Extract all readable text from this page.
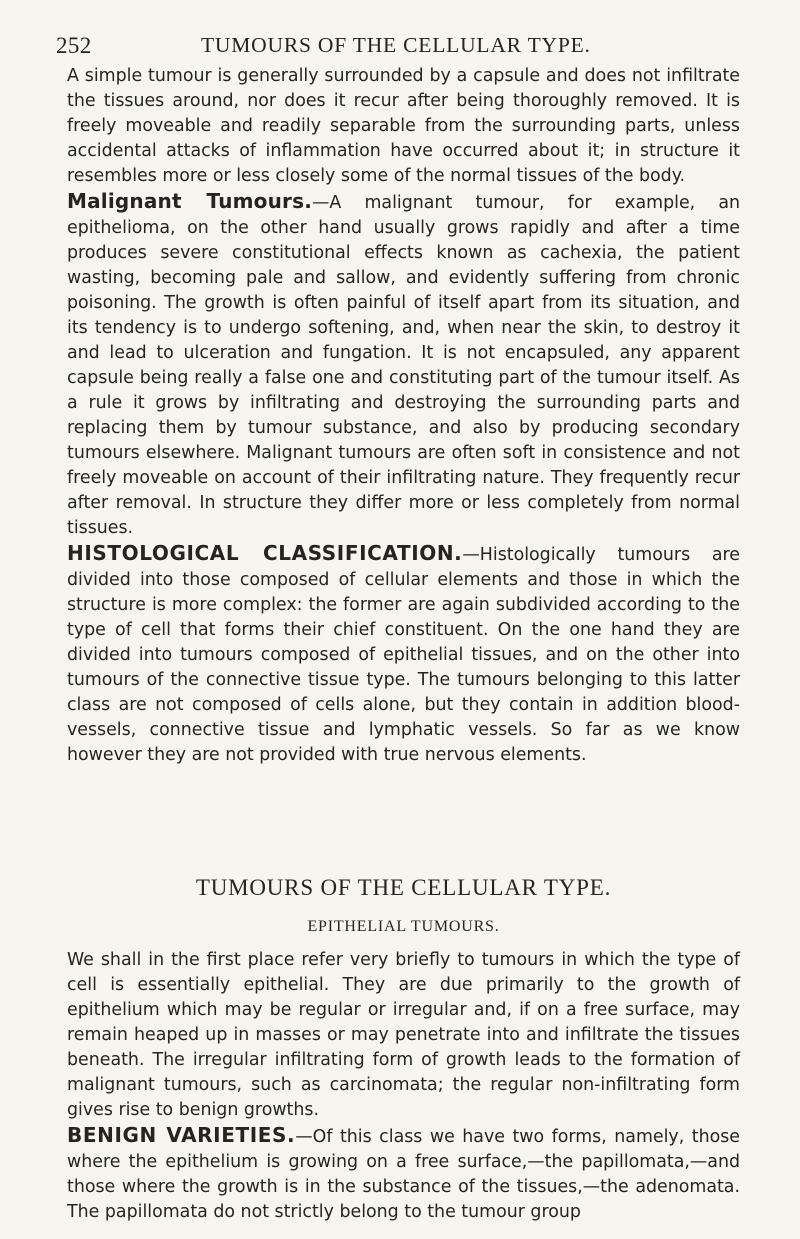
252	TUMOURS OF THE CELLULAR TYPE.

A simple tumour is generally surrounded by a capsule and does not infiltrate the tissues around, nor does it recur after being thoroughly removed. It is freely moveable and readily separable from the surrounding parts, unless accidental attacks of inflammation have occurred about it; in structure it resembles more or less closely some of the normal tissues of the body.

Malignant Tumours.—A malignant tumour, for example, an epithelioma, on the other hand usually grows rapidly and after a time produces severe constitutional effects known as cachexia, the patient wasting, becoming pale and sallow, and evidently suffering from chronic poisoning. The growth is often painful of itself apart from its situation, and its tendency is to undergo softening, and, when near the skin, to destroy it and lead to ulceration and fungation. It is not encapsuled, any apparent capsule being really a false one and constituting part of the tumour itself. As a rule it grows by infiltrating and destroying the surrounding parts and replacing them by tumour substance, and also by producing secondary tumours elsewhere. Malignant tumours are often soft in consistence and not freely moveable on account of their infiltrating nature. They frequently recur after removal. In structure they differ more or less completely from normal tissues.

HISTOLOGICAL CLASSIFICATION.—Histologically tumours are divided into those composed of cellular elements and those in which the structure is more complex: the former are again subdivided according to the type of cell that forms their chief constituent. On the one hand they are divided into tumours composed of epithelial tissues, and on the other into tumours of the connective tissue type. The tumours belonging to this latter class are not composed of cells alone, but they contain in addition blood-vessels, connective tissue and lymphatic vessels. So far as we know however they are not provided with true nervous elements.

TUMOURS OF THE CELLULAR TYPE.
EPITHELIAL TUMOURS.

We shall in the first place refer very briefly to tumours in which the type of cell is essentially epithelial. They are due primarily to the growth of epithelium which may be regular or irregular and, if on a free surface, may remain heaped up in masses or may penetrate into and infiltrate the tissues beneath. The irregular infiltrating form of growth leads to the formation of malignant tumours, such as carcinomata; the regular non-infiltrating form gives rise to benign growths.

BENIGN VARIETIES.—Of this class we have two forms, namely, those where the epithelium is growing on a free surface,—the papillomata,—and those where the growth is in the substance of the tissues,—the adenomata. The papillomata do not strictly belong to the tumour group
